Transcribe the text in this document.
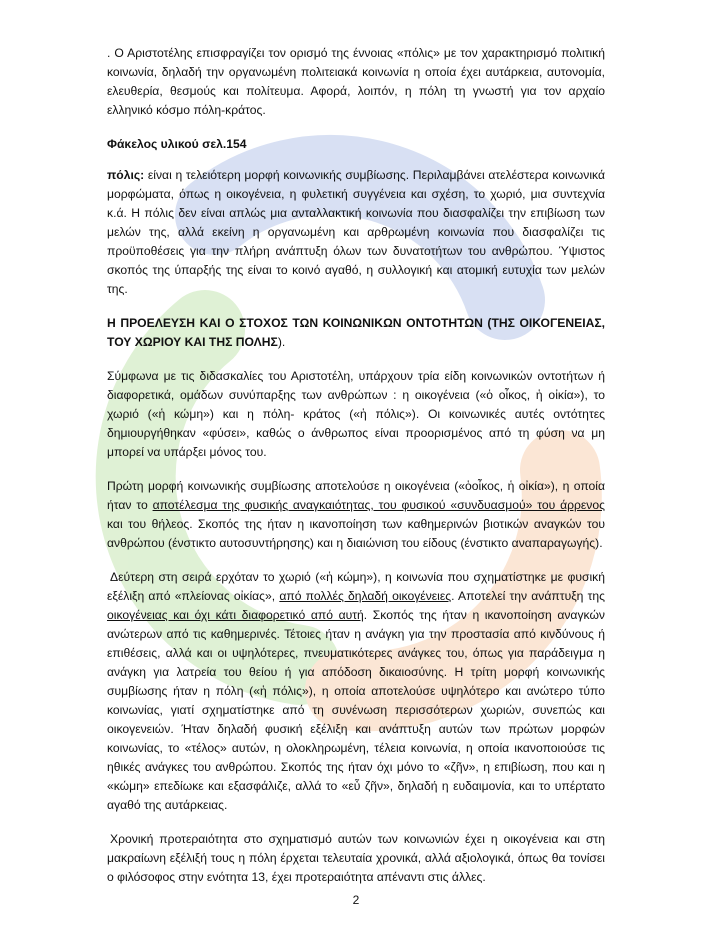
. Ο Αριστοτέλης επισφραγίζει τον ορισμό της έννοιας «πόλις» με τον χαρακτηρισμό πολιτική κοινωνία, δηλαδή την οργανωμένη πολιτειακά κοινωνία η οποία έχει αυτάρκεια, αυτονομία, ελευθερία, θεσμούς και πολίτευμα. Αφορά, λοιπόν, η πόλη τη γνωστή για τον αρχαίο ελληνικό κόσμο πόλη-κράτος.

Φάκελος υλικού σελ.154

πόλις: είναι η τελειότερη μορφή κοινωνικής συμβίωσης. Περιλαμβάνει ατελέστερα κοινωνικά μορφώματα, όπως η οικογένεια, η φυλετική συγγένεια και σχέση, το χωριό, μια συντεχνία κ.ά. Η πόλις δεν είναι απλώς μια ανταλλακτική κοινωνία που διασφαλίζει την επιβίωση των μελών της, αλλά εκείνη η οργανωμένη και αρθρωμένη κοινωνία που διασφαλίζει τις προϋποθέσεις για την πλήρη ανάπτυξη όλων των δυνατοτήτων του ανθρώπου. Ύψιστος σκοπός της ύπαρξής της είναι το κοινό αγαθό, η συλλογική και ατομική ευτυχία των μελών της.

Η ΠΡΟΕΛΕΥΣΗ ΚΑΙ Ο ΣΤΟΧΟΣ ΤΩΝ ΚΟΙΝΩΝΙΚΩΝ ΟΝΤΟΤΗΤΩΝ (ΤΗΣ ΟΙΚΟΓΕΝΕΙΑΣ, ΤΟΥ ΧΩΡΙΟΥ ΚΑΙ ΤΗΣ ΠΟΛΗΣ).

Σύμφωνα με τις διδασκαλίες του Αριστοτέλη, υπάρχουν τρία είδη κοινωνικών οντοτήτων ή διαφορετικά, ομάδων συνύπαρξης των ανθρώπων : η οικογένεια («ὁ οἶκος, ἡ οἰκία»), το χωριό («ἡ κώμη») και η πόλη- κράτος («ἡ πόλις»). Οι κοινωνικές αυτές οντότητες δημιουργήθηκαν «φύσει», καθώς ο άνθρωπος είναι προορισμένος από τη φύση να μη μπορεί να υπάρξει μόνος του.

Πρώτη μορφή κοινωνικής συμβίωσης αποτελούσε η οικογένεια («ὁοἶκος, ἡ οἰκία»), η οποία ήταν το αποτέλεσμα της φυσικής αναγκαιότητας, του φυσικού «συνδυασμού» του άρρενος και του θήλεος. Σκοπός της ήταν η ικανοποίηση των καθημερινών βιοτικών αναγκών του ανθρώπου (ένστικτο αυτοσυντήρησης) και η διαιώνιση του είδους (ένστικτο αναπαραγωγής).

Δεύτερη στη σειρά ερχόταν το χωριό («ἡ κώμη»), η κοινωνία που σχηματίστηκε με φυσική εξέλιξη από «πλείονας οἰκίας», από πολλές δηλαδή οικογένειες. Αποτελεί την ανάπτυξη της οικογένειας και όχι κάτι διαφορετικό από αυτή. Σκοπός της ήταν η ικανοποίηση αναγκών ανώτερων από τις καθημερινές. Τέτοιες ήταν η ανάγκη για την προστασία από κινδύνους ή επιθέσεις, αλλά και οι υψηλότερες, πνευματικότερες ανάγκες του, όπως για παράδειγμα η ανάγκη για λατρεία του θείου ή για απόδοση δικαιοσύνης. Η τρίτη μορφή κοινωνικής συμβίωσης ήταν η πόλη («ἡ πόλις»), η οποία αποτελούσε υψηλότερο και ανώτερο τύπο κοινωνίας, γιατί σχηματίστηκε από τη συνένωση περισσότερων χωριών, συνεπώς και οικογενειών. Ήταν δηλαδή φυσική εξέλιξη και ανάπτυξη αυτών των πρώτων μορφών κοινωνίας, το «τέλος» αυτών, η ολοκληρωμένη, τέλεια κοινωνία, η οποία ικανοποιούσε τις ηθικές ανάγκες του ανθρώπου. Σκοπός της ήταν όχι μόνο το «ζῆν», η επιβίωση, που και η «κώμη» επεδίωκε και εξασφάλιζε, αλλά το «εὖ ζῆν», δηλαδή η ευδαιμονία, και το υπέρτατο αγαθό της αυτάρκειας.

Χρονική προτεραιότητα στο σχηματισμό αυτών των κοινωνιών έχει η οικογένεια και στη μακραίωνη εξέλιξή τους η πόλη έρχεται τελευταία χρονικά, αλλά αξιολογικά, όπως θα τονίσει ο φιλόσοφος στην ενότητα 13, έχει προτεραιότητα απέναντι στις άλλες.

2
